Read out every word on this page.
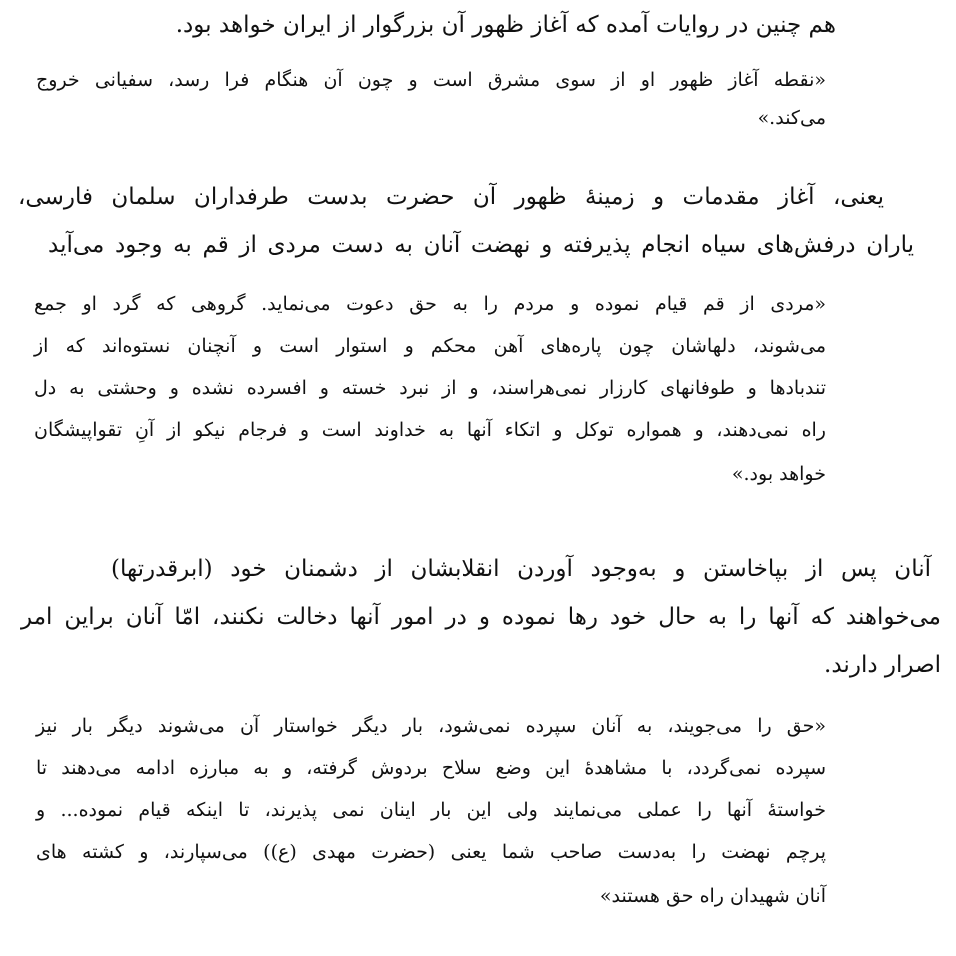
هم چنین در روایات آمده که آغاز ظهور آن بزرگوار از ایران خواهد بود.
«نقطه آغاز ظهور او از سوی مشرق است و چون آن هنگام فرا رسد، سفیانی خروج
می‌کند.»
یعنی، آغاز مقدمات و زمینهٔ ظهور آن حضرت بدست طرفداران سلمان فارسی،
یاران درفش‌های سیاه انجام پذیرفته و نهضت آنان به دست مردی از قم به وجود می‌آید
«مردی از قم قیام نموده و مردم را به حق دعوت می‌نماید. گروهی که گرد او جمع
می‌شوند، دلهاشان چون پاره‌های آهن محکم و استوار است و آنچنان نستوه‌اند که از
تندبادها و طوفانهای کارزار نمی‌هراسند، و از نبرد خسته و افسرده نشده و وحشتی به دل
راه نمی‌دهند، و همواره توکل و اتکاء آنها به خداوند است و فرجام نیکو از آنِ تقواپیشگان
خواهد بود.»
آنان پس از بپاخاستن و به‌وجود آوردن انقلابشان از دشمنان خود (ابرقدرتها)
می‌خواهند که آنها را به حال خود رها نموده و در امور آنها دخالت نکنند، امّا آنان براین امر
اصرار دارند.
«حق را می‌جویند، به آنان سپرده نمی‌شود، بار دیگر خواستار آن می‌شوند دیگر بار نیز
سپرده نمی‌گردد، با مشاهدهٔ این وضع سلاح بردوش گرفته، و به مبارزه ادامه می‌دهند تا
خواستهٔ آنها را عملی می‌نمایند ولی این بار اینان نمی پذیرند، تا اینکه قیام نموده... و
پرچم نهضت را به‌دست صاحب شما یعنی (حضرت مهدی (ع)) می‌سپارند، و کشته های
آنان شهیدان راه حق هستند»
